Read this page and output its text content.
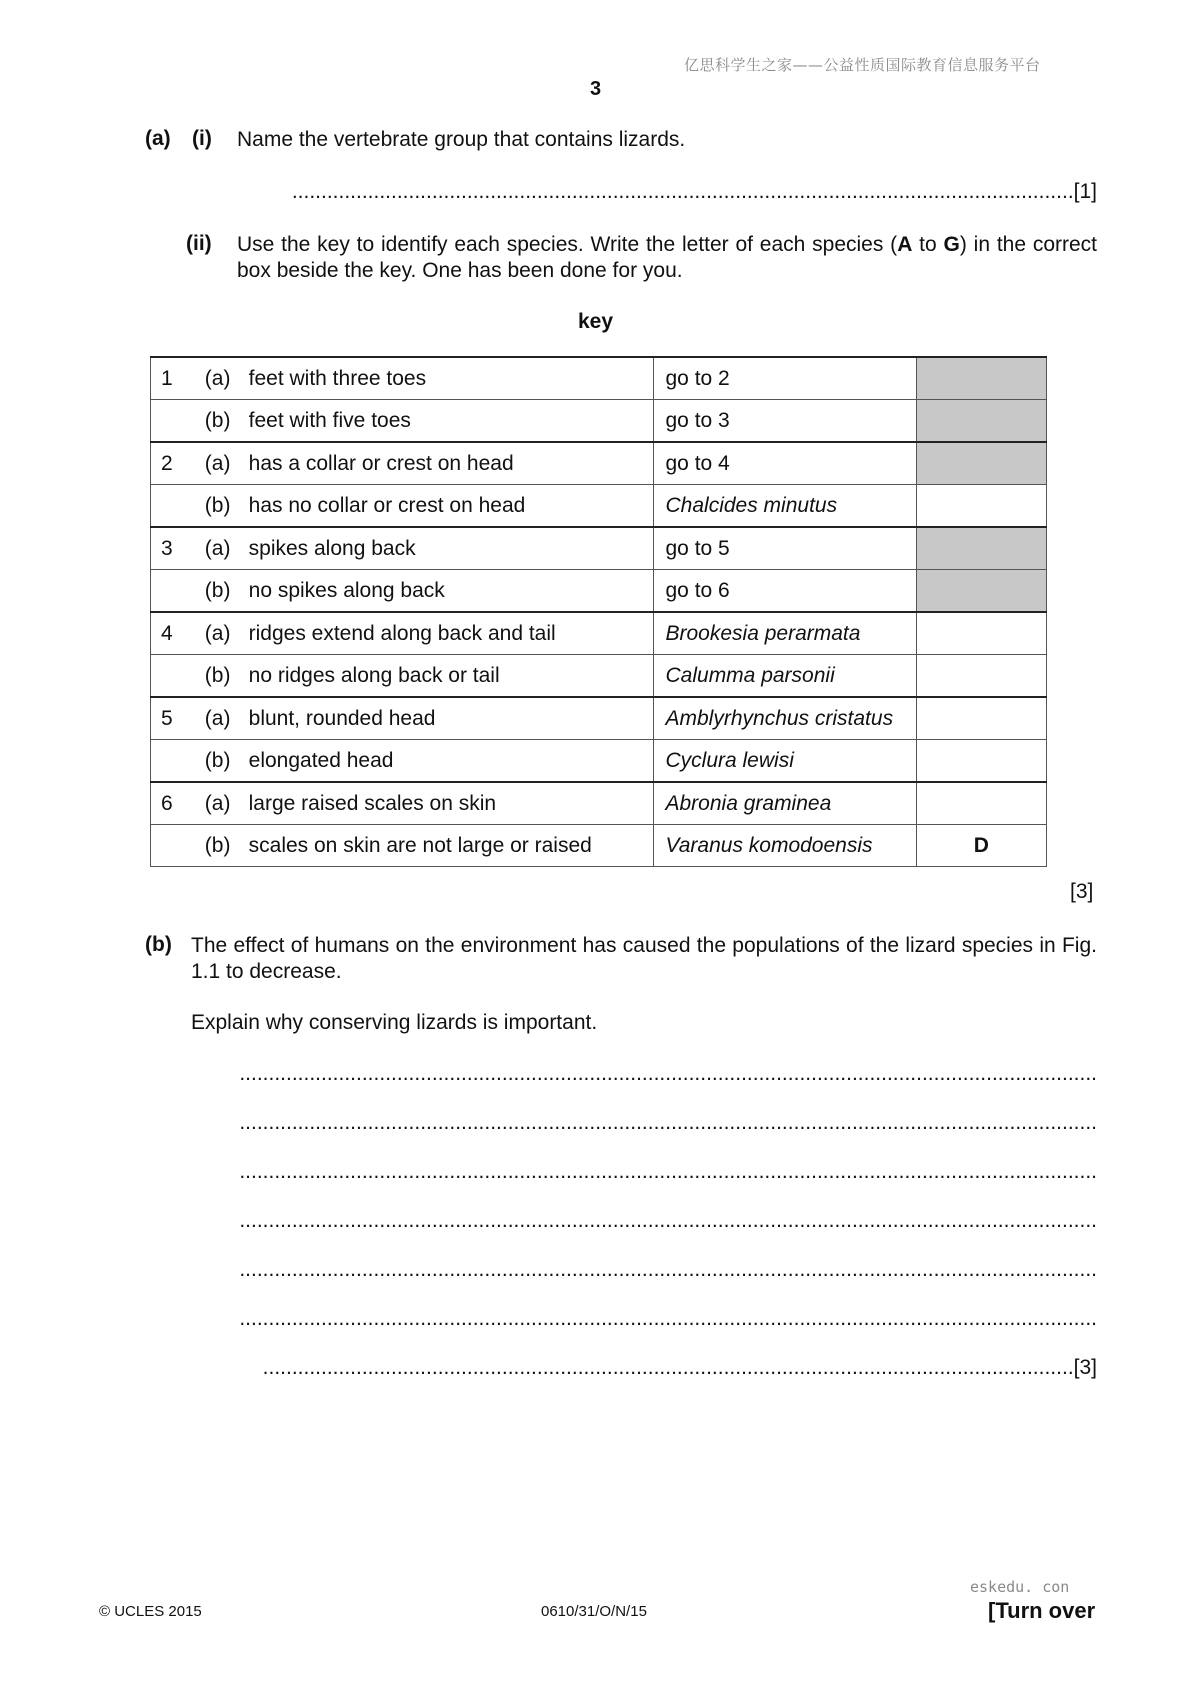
亿思科学生之家——公益性质国际教育信息服务平台
3
(a) (i) Name the vertebrate group that contains lizards.
......................................................................................................................................[1]
(ii) Use the key to identify each species. Write the letter of each species (A to G) in the correct box beside the key. One has been done for you.
key
1	(a)	feet with three toes	go to 2	
	(b)	feet with five toes	go to 3	
2	(a)	has a collar or crest on head	go to 4	
	(b)	has no collar or crest on head	Chalcides minutus	
3	(a)	spikes along back	go to 5	
	(b)	no spikes along back	go to 6	
4	(a)	ridges extend along back and tail	Brookesia perarmata	
	(b)	no ridges along back or tail	Calumma parsonii	
5	(a)	blunt, rounded head	Amblyrhynchus cristatus	
	(b)	elongated head	Cyclura lewisi	
6	(a)	large raised scales on skin	Abronia graminea	
	(b)	scales on skin are not large or raised	Varanus komodoensis	D
[3]
(b) The effect of humans on the environment has caused the populations of the lizard species in Fig. 1.1 to decrease.
Explain why conserving lizards is important.
...................................................................................................................................................
...................................................................................................................................................
...................................................................................................................................................
...................................................................................................................................................
...................................................................................................................................................
...................................................................................................................................................
...........................................................................................................................................[3]
eskedu. con
© UCLES 2015	0610/31/O/N/15	[Turn over
